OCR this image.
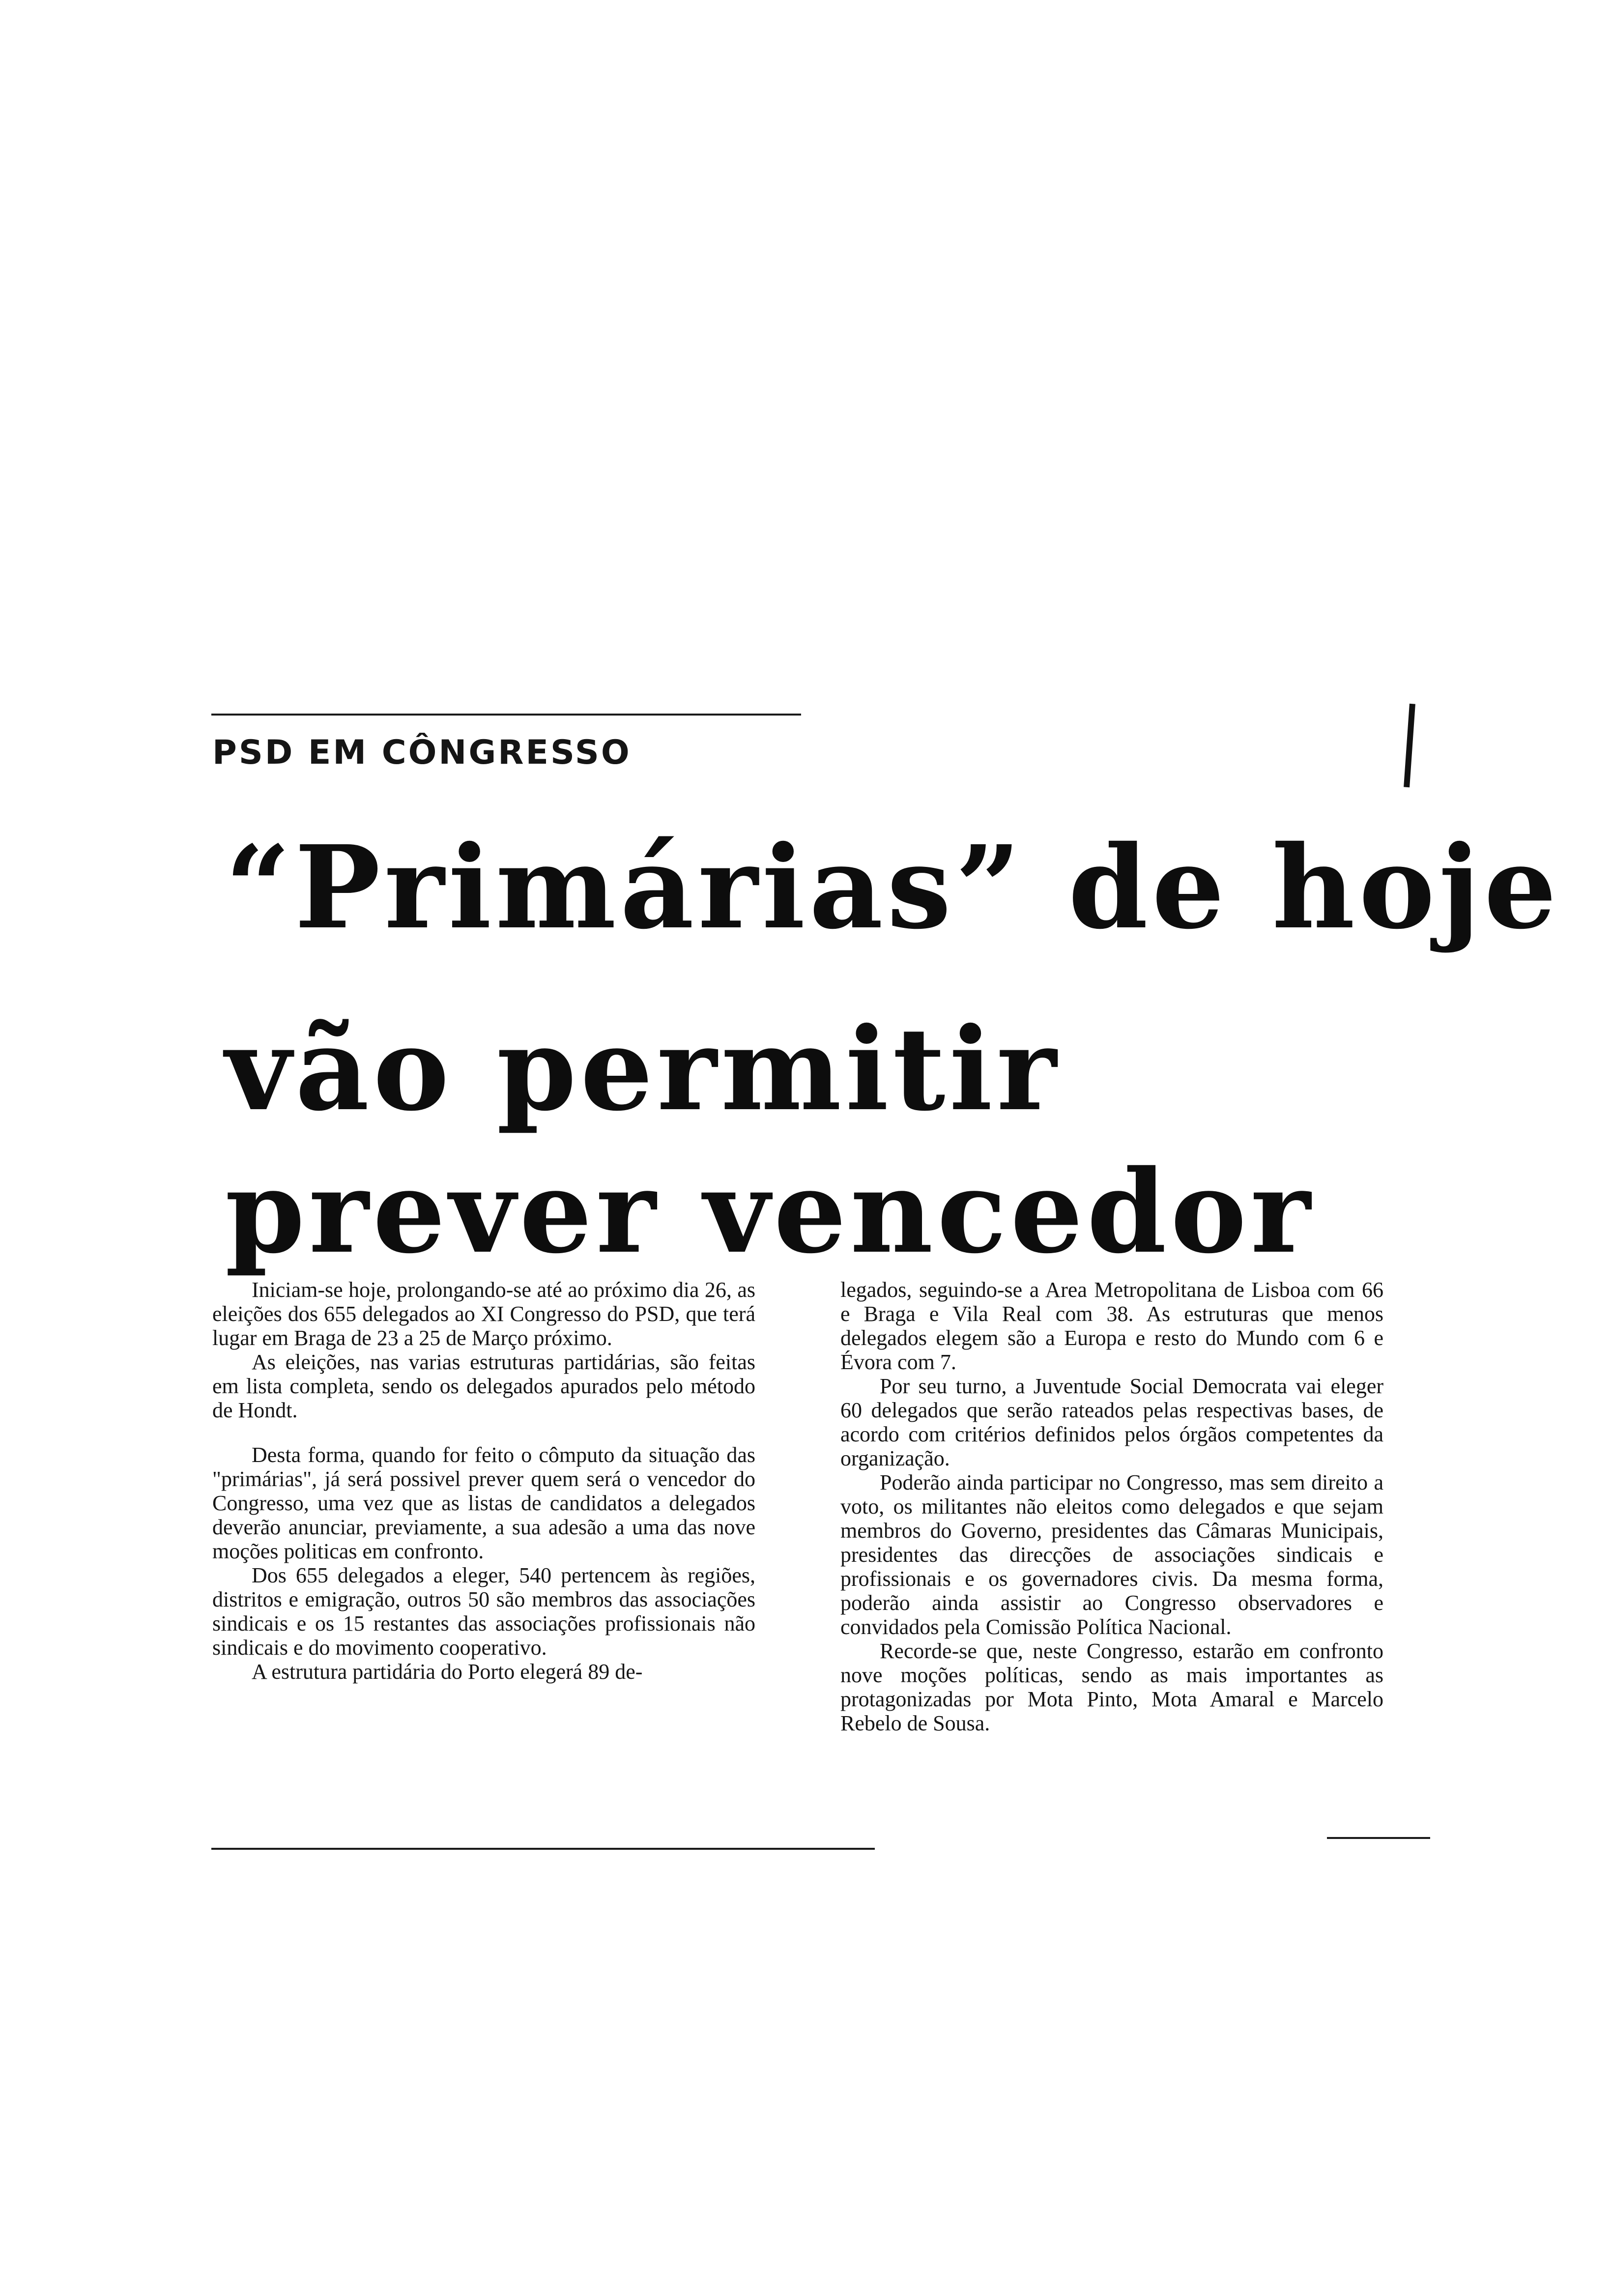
PSD EM CÔNGRESSO
“Primárias” de hoje
vão permitir
prever vencedor

Iniciam-se hoje, prolongando-se até ao próximo dia 26, as eleições dos 655 delegados ao XI Congresso do PSD, que terá lugar em Braga de 23 a 25 de Março próximo.

As eleições, nas varias estruturas partidárias, são feitas em lista completa, sendo os delegados apurados pelo método de Hondt.

Desta forma, quando for feito o cômputo da situação das "primárias", já será possivel prever quem será o vencedor do Congresso, uma vez que as listas de candidatos a delegados deverão anunciar, previamente, a sua adesão a uma das nove moções politicas em confronto.

Dos 655 delegados a eleger, 540 pertencem às regiões, distritos e emigração, outros 50 são membros das associações sindicais e os 15 restantes das associações profissionais não sindicais e do movimento cooperativo.

A estrutura partidária do Porto elegerá 89 de-

legados, seguindo-se a Area Metropolitana de Lisboa com 66 e Braga e Vila Real com 38. As estruturas que menos delegados elegem são a Europa e resto do Mundo com 6 e Évora com 7.

Por seu turno, a Juventude Social Democrata vai eleger 60 delegados que serão rateados pelas respectivas bases, de acordo com critérios definidos pelos órgãos competentes da organização.

Poderão ainda participar no Congresso, mas sem direito a voto, os militantes não eleitos como delegados e que sejam membros do Governo, presidentes das Câmaras Municipais, presidentes das direcções de associações sindicais e profissionais e os governadores civis. Da mesma forma, poderão ainda assistir ao Congresso observadores e convidados pela Comissão Política Nacional.

Recorde-se que, neste Congresso, estarão em confronto nove moções políticas, sendo as mais importantes as protagonizadas por Mota Pinto, Mota Amaral e Marcelo Rebelo de Sousa.
